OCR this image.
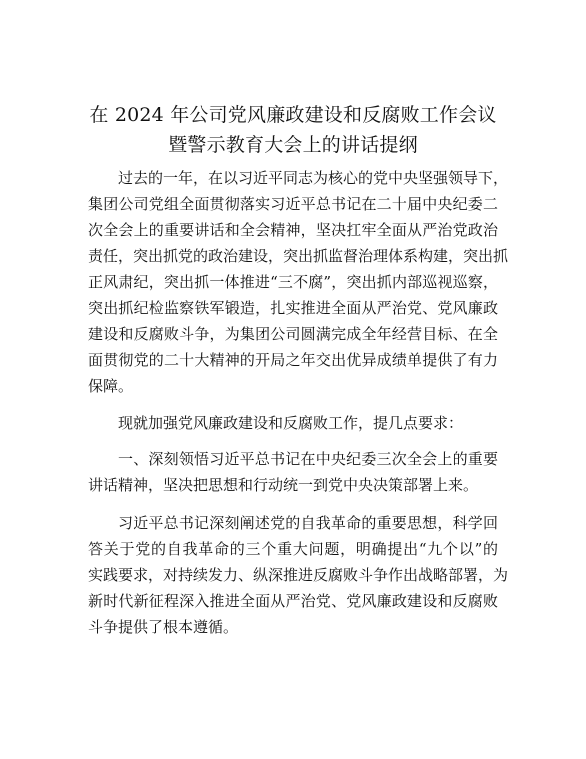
在 2024 年公司党风廉政建设和反腐败工作会议
暨警示教育大会上的讲话提纲
过去的一年，在以习近平同志为核心的党中央坚强领导下，
集团公司党组全面贯彻落实习近平总书记在二十届中央纪委二
次全会上的重要讲话和全会精神，坚决扛牢全面从严治党政治
责任，突出抓党的政治建设，突出抓监督治理体系构建，突出抓
正风肃纪，突出抓一体推进“三不腐”，突出抓内部巡视巡察，
突出抓纪检监察铁军锻造，扎实推进全面从严治党、党风廉政
建设和反腐败斗争，为集团公司圆满完成全年经营目标、在全
面贯彻党的二十大精神的开局之年交出优异成绩单提供了有力
保障。
现就加强党风廉政建设和反腐败工作，提几点要求：
一、深刻领悟习近平总书记在中央纪委三次全会上的重要
讲话精神，坚决把思想和行动统一到党中央决策部署上来。
习近平总书记深刻阐述党的自我革命的重要思想，科学回
答关于党的自我革命的三个重大问题，明确提出“九个以”的
实践要求，对持续发力、纵深推进反腐败斗争作出战略部署，为
新时代新征程深入推进全面从严治党、党风廉政建设和反腐败
斗争提供了根本遵循。
